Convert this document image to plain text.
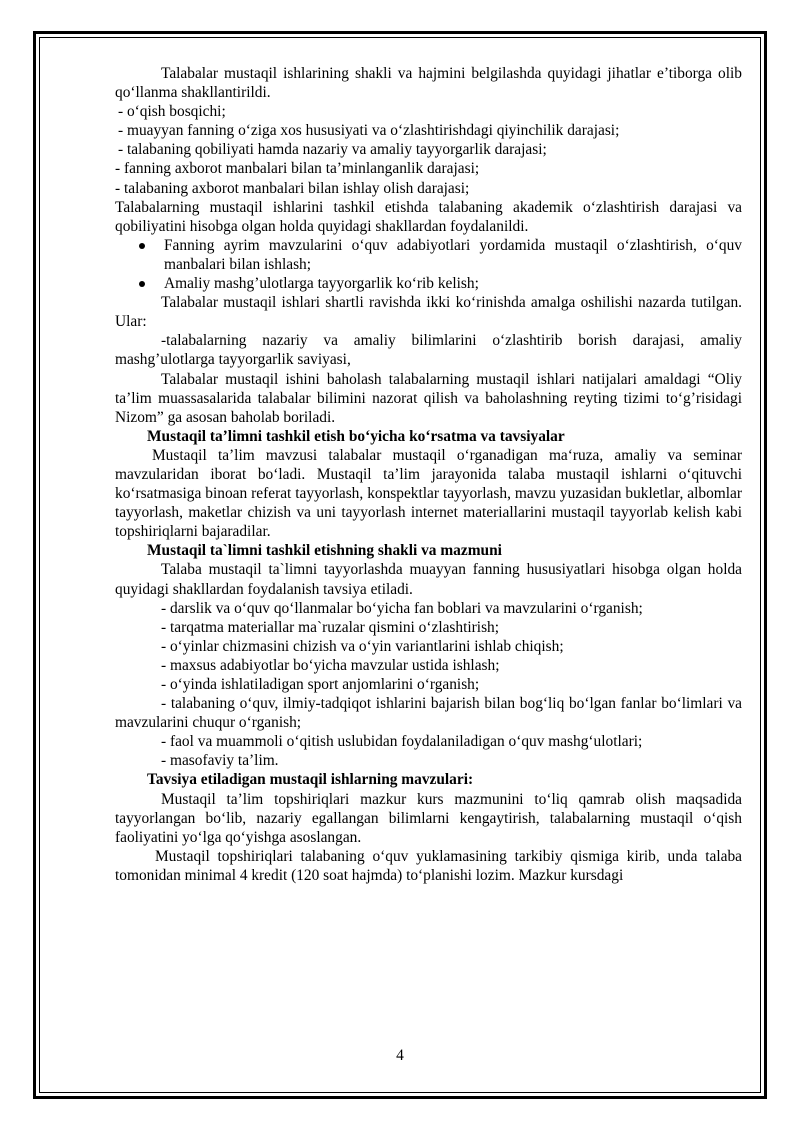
Talabalar mustaqil ishlarining shakli va hajmini belgilashda quyidagi jihatlar e’tiborga olib qo‘llanma shakllantirildi.

- o‘qish bosqichi;

- muayyan fanning o‘ziga xos hususiyati va o‘zlashtirishdagi qiyinchilik darajasi;

- talabaning qobiliyati hamda nazariy va amaliy tayyorgarlik darajasi;

- fanning axborot manbalari bilan ta’minlanganlik darajasi;

- talabaning axborot manbalari bilan ishlay olish darajasi;

Talabalarning mustaqil ishlarini tashkil etishda talabaning akademik o‘zlashtirish darajasi va qobiliyatini hisobga olgan holda quyidagi shakllardan foydalanildi.

Fanning ayrim mavzularini o‘quv adabiyotlari yordamida mustaqil o‘zlashtirish, o‘quv manbalari bilan ishlash;
Amaliy mashg’ulotlarga tayyorgarlik ko‘rib kelish;

Talabalar mustaqil ishlari shartli ravishda ikki ko‘rinishda amalga oshilishi nazarda tutilgan. Ular:

-talabalarning nazariy va amaliy bilimlarini o‘zlashtirib borish darajasi, amaliy mashg’ulotlarga tayyorgarlik saviyasi,

Talabalar mustaqil ishini baholash talabalarning mustaqil ishlari natijalari amaldagi “Oliy ta’lim muassasalarida talabalar bilimini nazorat qilish va baholashning reyting tizimi to‘g’risidagi Nizom” ga asosan baholab boriladi.

Mustaqil ta’limni tashkil etish bo‘yicha ko‘rsatma va tavsiyalar

Mustaqil ta’lim mavzusi talabalar mustaqil o‘rganadigan ma‘ruza, amaliy va seminar mavzularidan iborat bo‘ladi. Mustaqil ta’lim jarayonida talaba mustaqil ishlarni o‘qituvchi ko‘rsatmasiga binoan referat tayyorlash, konspektlar tayyorlash, mavzu yuzasidan bukletlar, albomlar tayyorlash, maketlar chizish va uni tayyorlash internet materiallarini mustaqil tayyorlab kelish kabi topshiriqlarni bajaradilar.

Mustaqil ta`limni tashkil etishning shakli va mazmuni

Talaba mustaqil ta`limni tayyorlashda muayyan fanning hususiyatlari hisobga olgan holda quyidagi shakllardan foydalanish tavsiya etiladi.

- darslik va o‘quv qo‘llanmalar bo‘yicha fan boblari va mavzularini o‘rganish;

- tarqatma materiallar ma`ruzalar qismini o‘zlashtirish;

- o‘yinlar chizmasini chizish va o‘yin variantlarini ishlab chiqish;

- maxsus adabiyotlar bo‘yicha mavzular ustida ishlash;

- o‘yinda ishlatiladigan sport anjomlarini o‘rganish;

- talabaning o‘quv, ilmiy-tadqiqot ishlarini bajarish bilan bog‘liq bo‘lgan fanlar bo‘limlari va mavzularini chuqur o‘rganish;

- faol va muammoli o‘qitish uslubidan foydalaniladigan o‘quv mashg‘ulotlari;

- masofaviy ta’lim.

Tavsiya etiladigan mustaqil ishlarning mavzulari:

Mustaqil ta’lim topshiriqlari mazkur kurs mazmunini to‘liq qamrab olish maqsadida tayyorlangan bo‘lib, nazariy egallangan bilimlarni kengaytirish, talabalarning mustaqil o‘qish faoliyatini yo‘lga qo‘yishga asoslangan.

Mustaqil topshiriqlari talabaning o‘quv yuklamasining tarkibiy qismiga kirib, unda talaba tomonidan minimal 4 kredit (120 soat hajmda) to‘planishi lozim. Mazkur kursdagi

4
